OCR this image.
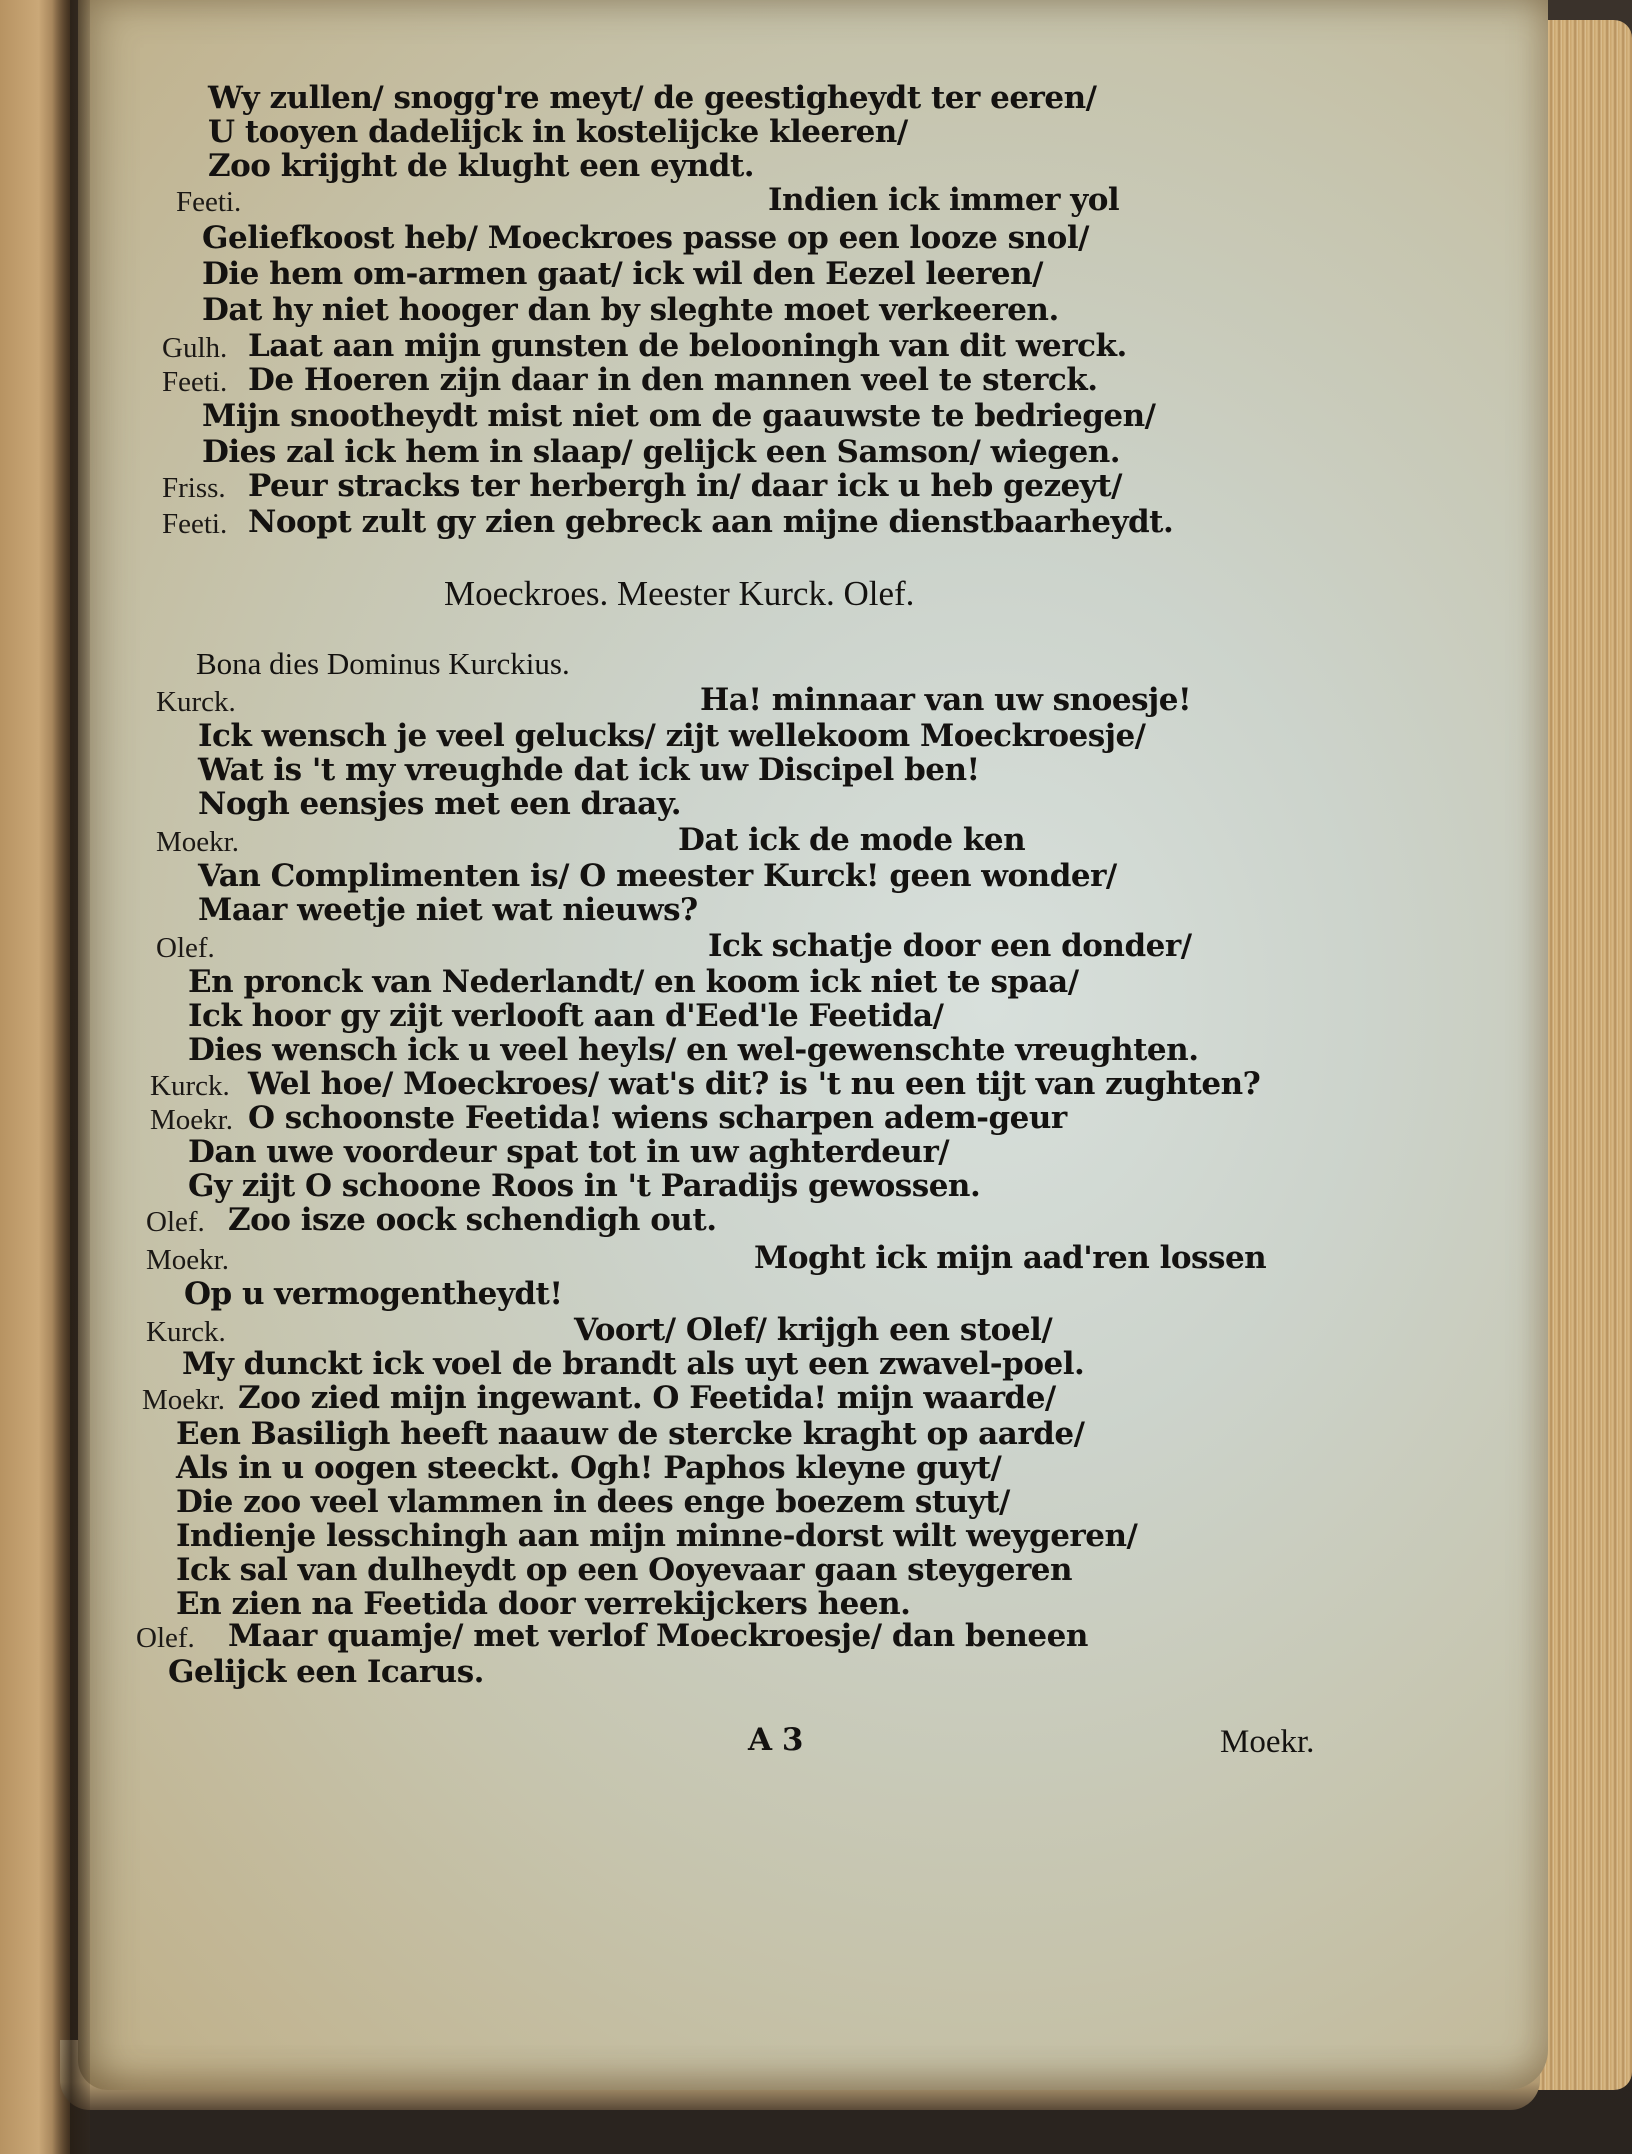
Wy zullen/ snogg're meyt/ de geestigheydt ter eeren/
U tooyen dadelijck in kostelijcke kleeren/
Zoo krijght de klught een eyndt.
Feeti.	Indien ick immer yol
Geliefkoost heb/ Moeckroes passe op een looze snol/
Die hem om-armen gaat/ ick wil den Eezel leeren/
Dat hy niet hooger dan by sleghte moet verkeeren.
Gulh. Laat aan mijn gunsten de belooningh van dit werck.
Feeti. De Hoeren zijn daar in den mannen veel te sterck.
Mijn snootheydt mist niet om de gaauwste te bedriegen/
Dies zal ick hem in slaap/ gelijck een Samson/ wiegen.
Friss. Peur stracks ter herbergh in/ daar ick u heb gezeyt/
Feeti. Noopt zult gy zien gebreck aan mijne dienstbaarheydt.
Moeckroes. Meester Kurck. Olef.
Bona dies Dominus Kurckius.
Kurck.	Ha! minnaar van uw snoesje!
Ick wensch je veel gelucks/ zijt wellekoom Moeckroesje/
Wat is 't my vreughde dat ick uw Discipel ben!
Nogh eensjes met een draay.
Moekr.	Dat ick de mode ken
Van Complimenten is/ O meester Kurck! geen wonder/
Maar weetje niet wat nieuws?
Olef.	Ick schatje door een donder/
En pronck van Nederlandt/ en koom ick niet te spaa/
Ick hoor gy zijt verlooft aan d'Eed'le Feetida/
Dies wensch ick u veel heyls/ en wel-gewenschte vreughten.
Kurck. Wel hoe/ Moeckroes/ wat's dit? is 't nu een tijt van zughten?
Moekr. O schoonste Feetida! wiens scharpen adem-geur
Dan uwe voordeur spat tot in uw aghterdeur/
Gy zijt O schoone Roos in 't Paradijs gewossen.
Olef. Zoo isze oock schendigh out.
Moekr.	Moght ick mijn aad'ren lossen
Op u vermogentheydt!
Kurck.	Voort/ Olef/ krijgh een stoel/
My dunckt ick voel de brandt als uyt een zwavel-poel.
Moekr. Zoo zied mijn ingewant. O Feetida! mijn waarde/
Een Basiligh heeft naauw de stercke kraght op aarde/
Als in u oogen steeckt. Ogh! Paphos kleyne guyt/
Die zoo veel vlammen in dees enge boezem stuyt/
Indienje lesschingh aan mijn minne-dorst wilt weygeren/
Ick sal van dulheydt op een Ooyevaar gaan steygeren
En zien na Feetida door verrekijckers heen.
Olef. Maar quamje/ met verlof Moeckroesje/ dan beneen
Gelijck een Icarus.
A 3	Moekr.
